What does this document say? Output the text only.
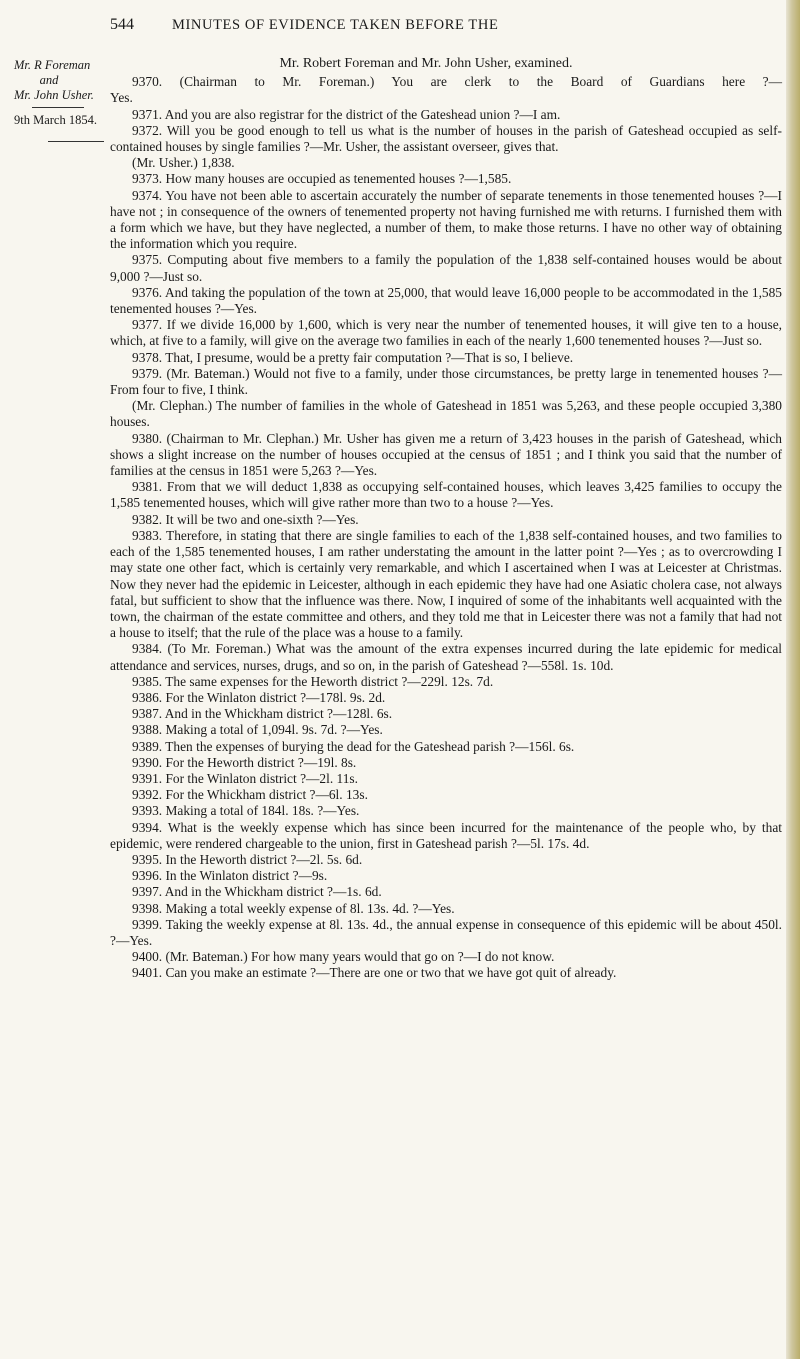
544	MINUTES OF EVIDENCE TAKEN BEFORE THE
Mr. R Foreman
and
Mr. John Usher.
9th March 1854.
Mr. Robert Foreman and Mr. John Usher, examined.

9370. (Chairman to Mr. Foreman.) You are clerk to the Board of Guardians here ?—

Yes.

9371. And you are also registrar for the district of the Gateshead union ?—I am.

9372. Will you be good enough to tell us what is the number of houses in the parish of Gateshead occupied as self-contained houses by single families ?—Mr. Usher, the assistant overseer, gives that.

(Mr. Usher.) 1,838.

9373. How many houses are occupied as tenemented houses ?—1,585.

9374. You have not been able to ascertain accurately the number of separate tenements in those tenemented houses ?—I have not ; in consequence of the owners of tenemented property not having furnished me with returns. I furnished them with a form which we have, but they have neglected, a number of them, to make those returns. I have no other way of obtaining the information which you require.

9375. Computing about five members to a family the population of the 1,838 self-contained houses would be about 9,000 ?—Just so.

9376. And taking the population of the town at 25,000, that would leave 16,000 people to be accommodated in the 1,585 tenemented houses ?—Yes.

9377. If we divide 16,000 by 1,600, which is very near the number of tenemented houses, it will give ten to a house, which, at five to a family, will give on the average two families in each of the nearly 1,600 tenemented houses ?—Just so.

9378. That, I presume, would be a pretty fair computation ?—That is so, I believe.

9379. (Mr. Bateman.) Would not five to a family, under those circumstances, be pretty large in tenemented houses ?—From four to five, I think.

(Mr. Clephan.) The number of families in the whole of Gateshead in 1851 was 5,263, and these people occupied 3,380 houses.

9380. (Chairman to Mr. Clephan.) Mr. Usher has given me a return of 3,423 houses in the parish of Gateshead, which shows a slight increase on the number of houses occupied at the census of 1851 ; and I think you said that the number of families at the census in 1851 were 5,263 ?—Yes.

9381. From that we will deduct 1,838 as occupying self-contained houses, which leaves 3,425 families to occupy the 1,585 tenemented houses, which will give rather more than two to a house ?—Yes.

9382. It will be two and one-sixth ?—Yes.

9383. Therefore, in stating that there are single families to each of the 1,838 self-contained houses, and two families to each of the 1,585 tenemented houses, I am rather understating the amount in the latter point ?—Yes ; as to overcrowding I may state one other fact, which is certainly very remarkable, and which I ascertained when I was at Leicester at Christmas. Now they never had the epidemic in Leicester, although in each epidemic they have had one Asiatic cholera case, not always fatal, but sufficient to show that the influence was there. Now, I inquired of some of the inhabitants well acquainted with the town, the chairman of the estate committee and others, and they told me that in Leicester there was not a family that had not a house to itself; that the rule of the place was a house to a family.

9384. (To Mr. Foreman.) What was the amount of the extra expenses incurred during the late epidemic for medical attendance and services, nurses, drugs, and so on, in the parish of Gateshead ?—558l. 1s. 10d.

9385. The same expenses for the Heworth district ?—229l. 12s. 7d.

9386. For the Winlaton district ?—178l. 9s. 2d.

9387. And in the Whickham district ?—128l. 6s.

9388. Making a total of 1,094l. 9s. 7d. ?—Yes.

9389. Then the expenses of burying the dead for the Gateshead parish ?—156l. 6s.

9390. For the Heworth district ?—19l. 8s.

9391. For the Winlaton district ?—2l. 11s.

9392. For the Whickham district ?—6l. 13s.

9393. Making a total of 184l. 18s. ?—Yes.

9394. What is the weekly expense which has since been incurred for the maintenance of the people who, by that epidemic, were rendered chargeable to the union, first in Gateshead parish ?—5l. 17s. 4d.

9395. In the Heworth district ?—2l. 5s. 6d.

9396. In the Winlaton district ?—9s.

9397. And in the Whickham district ?—1s. 6d.

9398. Making a total weekly expense of 8l. 13s. 4d. ?—Yes.

9399. Taking the weekly expense at 8l. 13s. 4d., the annual expense in consequence of this epidemic will be about 450l. ?—Yes.

9400. (Mr. Bateman.) For how many years would that go on ?—I do not know.

9401. Can you make an estimate ?—There are one or two that we have got quit of already.
